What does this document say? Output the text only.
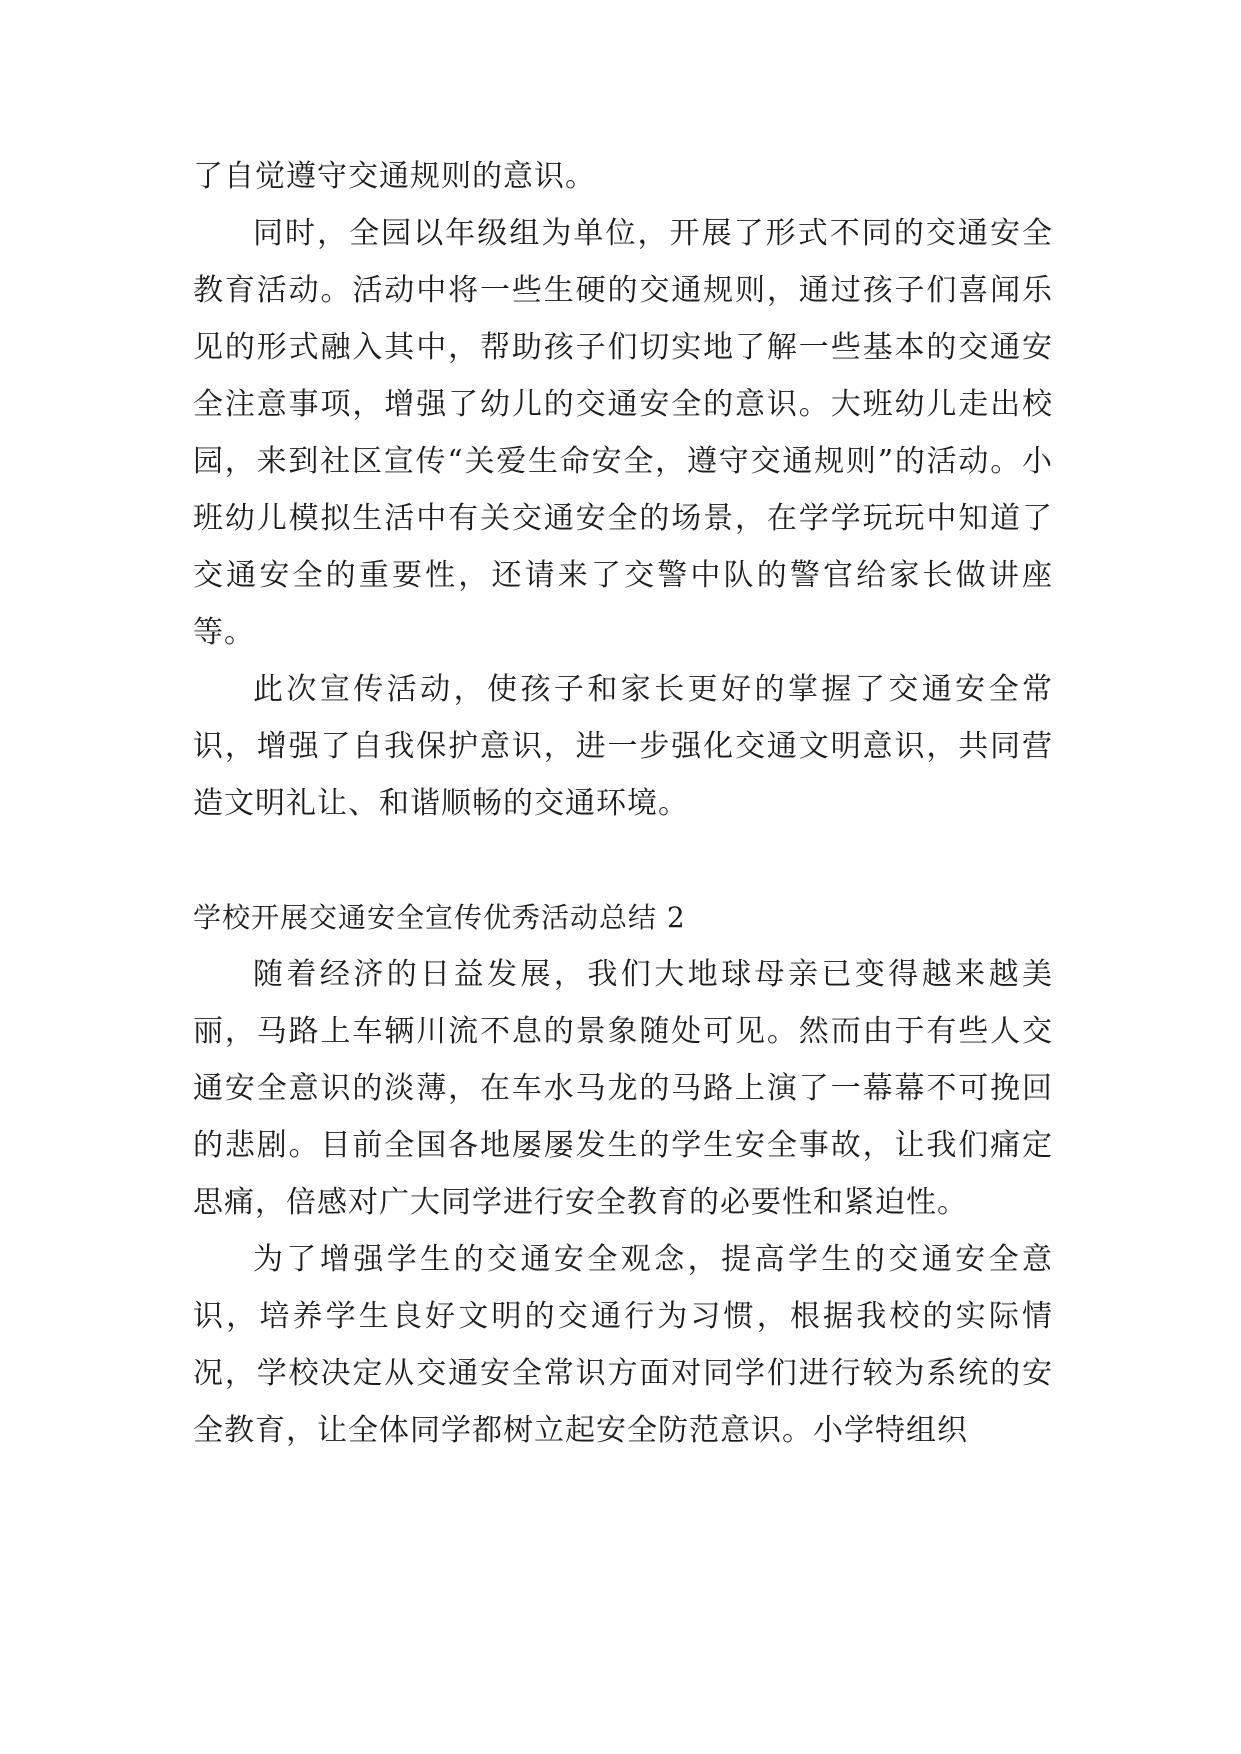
了自觉遵守交通规则的意识。

同时，全园以年级组为单位，开展了形式不同的交通安全教育活动。活动中将一些生硬的交通规则，通过孩子们喜闻乐见的形式融入其中，帮助孩子们切实地了解一些基本的交通安全注意事项，增强了幼儿的交通安全的意识。大班幼儿走出校园，来到社区宣传“关爱生命安全，遵守交通规则”的活动。小班幼儿模拟生活中有关交通安全的场景，在学学玩玩中知道了交通安全的重要性，还请来了交警中队的警官给家长做讲座等。

此次宣传活动，使孩子和家长更好的掌握了交通安全常识，增强了自我保护意识，进一步强化交通文明意识，共同营造文明礼让、和谐顺畅的交通环境。

学校开展交通安全宣传优秀活动总结 2

随着经济的日益发展，我们大地球母亲已变得越来越美丽，马路上车辆川流不息的景象随处可见。然而由于有些人交通安全意识的淡薄，在车水马龙的马路上演了一幕幕不可挽回的悲剧。目前全国各地屡屡发生的学生安全事故，让我们痛定思痛，倍感对广大同学进行安全教育的必要性和紧迫性。

为了增强学生的交通安全观念，提高学生的交通安全意识，培养学生良好文明的交通行为习惯，根据我校的实际情况，学校决定从交通安全常识方面对同学们进行较为系统的安全教育，让全体同学都树立起安全防范意识。小学特组织
